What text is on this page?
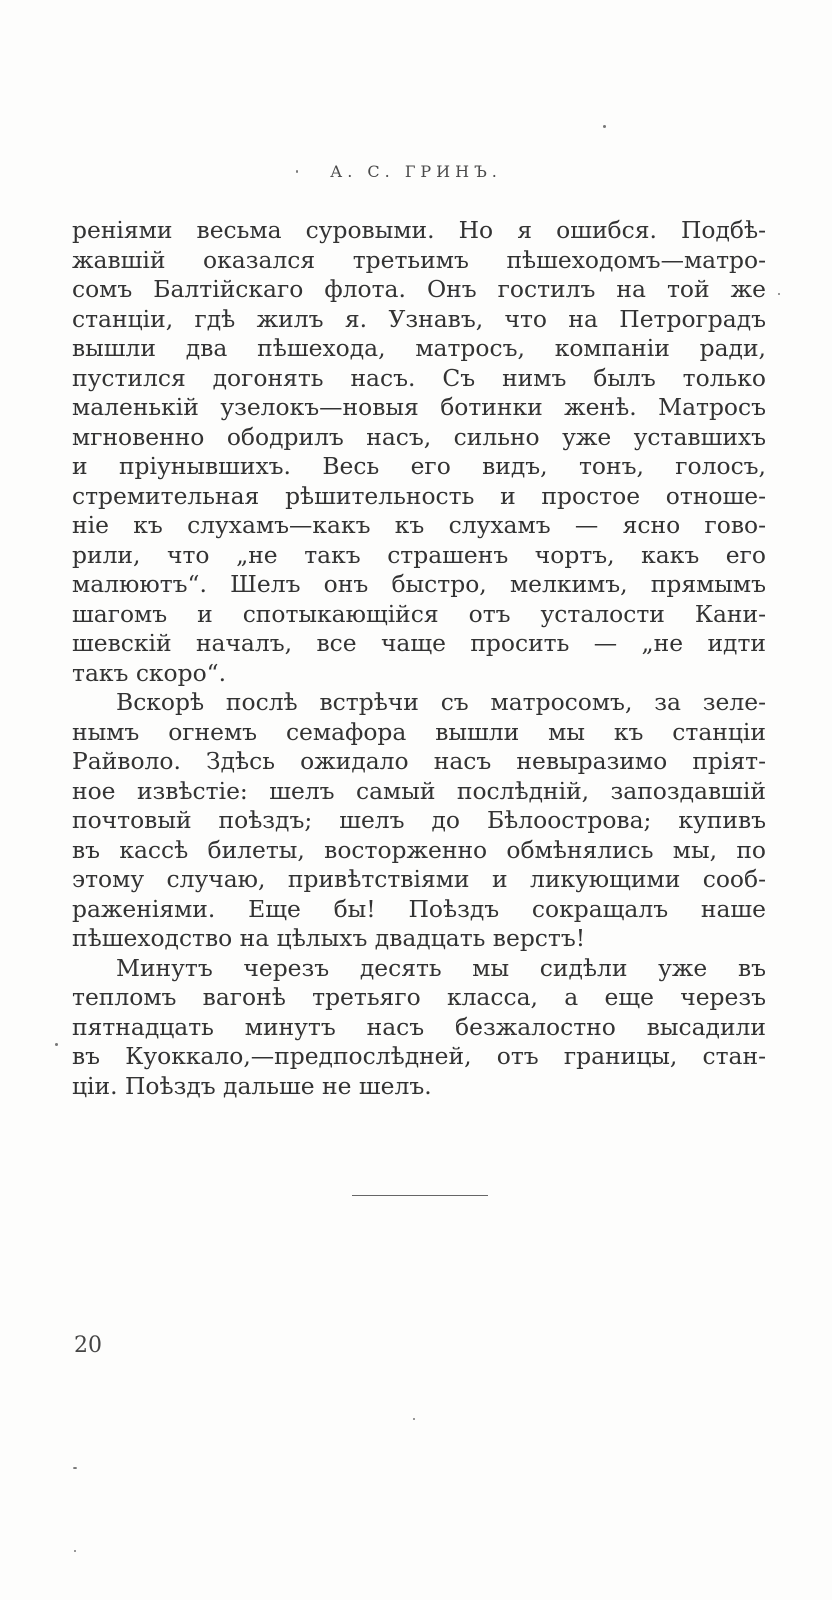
А. С. ГРИНЪ.

реніями весьма суровыми. Но я ошибся. Подбѣ-
жавшій оказался третьимъ пѣшеходомъ—матро-
сомъ Балтійскаго флота. Онъ гостилъ на той же
станціи, гдѣ жилъ я. Узнавъ, что на Петроградъ
вышли два пѣшехода, матросъ, компаніи ради,
пустился догонять насъ. Съ нимъ былъ только
маленькій узелокъ—новыя ботинки женѣ. Матросъ
мгновенно ободрилъ насъ, сильно уже уставшихъ
и пріунывшихъ. Весь его видъ, тонъ, голосъ,
стремительная рѣшительность и простое отноше-
ніе къ слухамъ—какъ къ слухамъ — ясно гово-
рили, что „не такъ страшенъ чортъ, какъ его
малюютъ“. Шелъ онъ быстро, мелкимъ, прямымъ
шагомъ и спотыкающійся отъ усталости Кани-
шевскій началъ, все чаще просить — „не идти
такъ скоро“.

Вскорѣ послѣ встрѣчи съ матросомъ, за зеле-
нымъ огнемъ семафора вышли мы къ станціи
Райволо. Здѣсь ожидало насъ невыразимо пріят-
ное извѣстіе: шелъ самый послѣдній, запоздавшій
почтовый поѣздъ; шелъ до Бѣлоострова; купивъ
въ кассѣ билеты, восторженно обмѣнялись мы, по
этому случаю, привѣтствіями и ликующими сооб-
раженіями. Еще бы! Поѣздъ сокращалъ наше
пѣшеходство на цѣлыхъ двадцать верстъ!

Минутъ черезъ десять мы сидѣли уже въ
тепломъ вагонѣ третьяго класса, а еще черезъ
пятнадцать минутъ насъ безжалостно высадили
въ Куоккало,—предпослѣдней, отъ границы, стан-
ціи. Поѣздъ дальше не шелъ.

20
